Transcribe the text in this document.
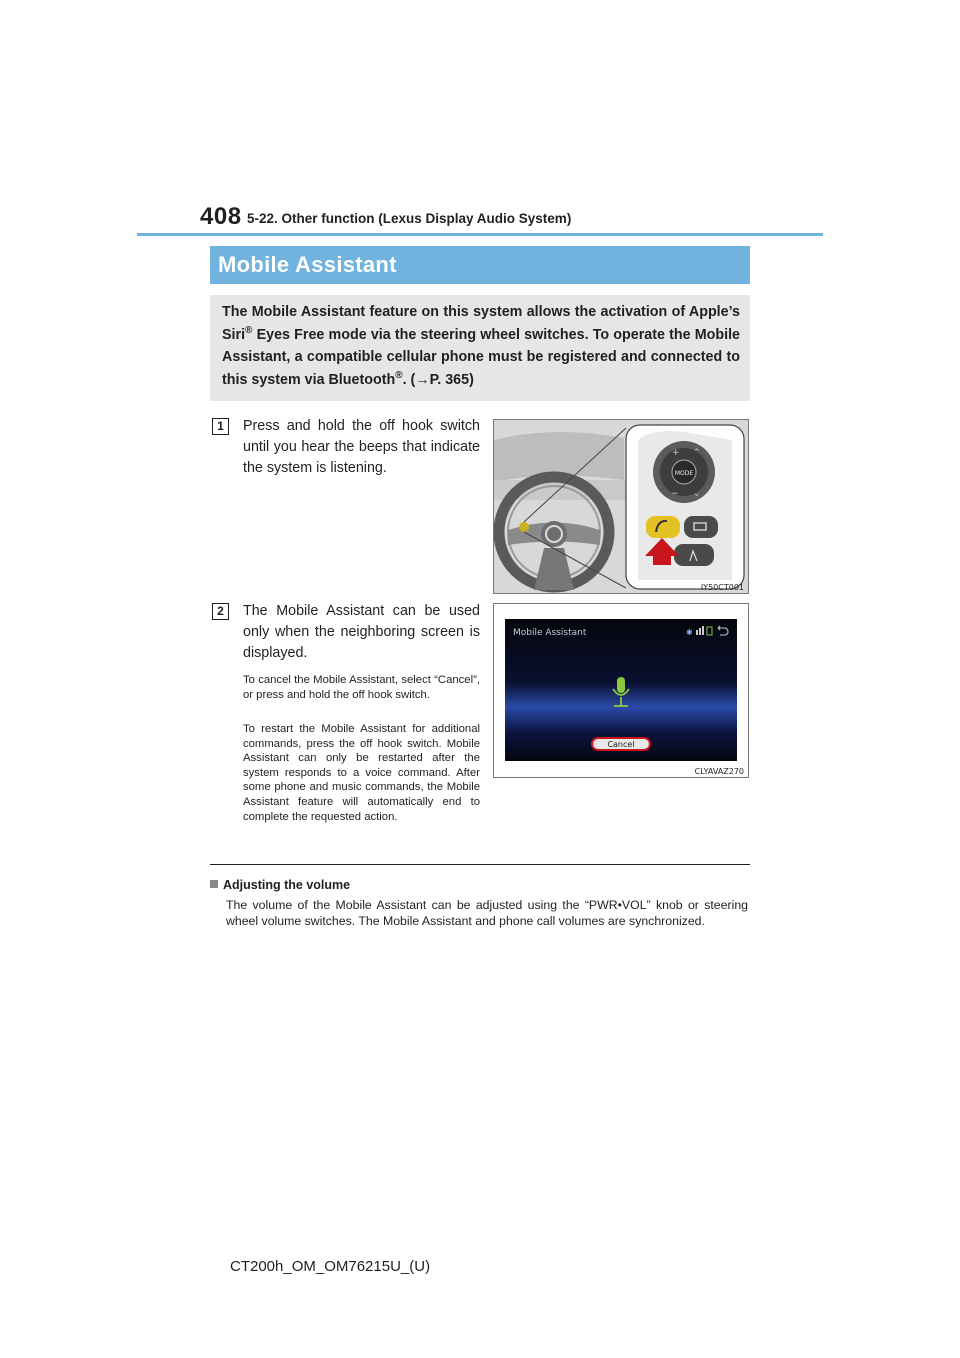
408 5-22. Other function (Lexus Display Audio System)
Mobile Assistant
The Mobile Assistant feature on this system allows the activation of Apple’s Siri® Eyes Free mode via the steering wheel switches. To operate the Mobile Assistant, a compatible cellular phone must be registered and connected to this system via Bluetooth®. (→P. 365)
1	Press and hold the off hook switch until you hear the beeps that indicate the system is listening.	MODE
+ ⌃
⌄
−
IY50CT001
2	The Mobile Assistant can be used only when the neighboring screen is displayed.
To cancel the Mobile Assistant, select “Cancel”, or press and hold the off hook switch.
To restart the Mobile Assistant for additional commands, press the off hook switch. Mobile Assistant can only be restarted after the system responds to a voice command. After some phone and music commands, the Mobile Assistant feature will automatically end to complete the requested action.
Mobile Assistant	✱
Cancel
CLYAVAZ270
Adjusting the volume
The volume of the Mobile Assistant can be adjusted using the “PWR•VOL” knob or steering wheel volume switches. The Mobile Assistant and phone call volumes are synchronized.
CT200h_OM_OM76215U_(U)
